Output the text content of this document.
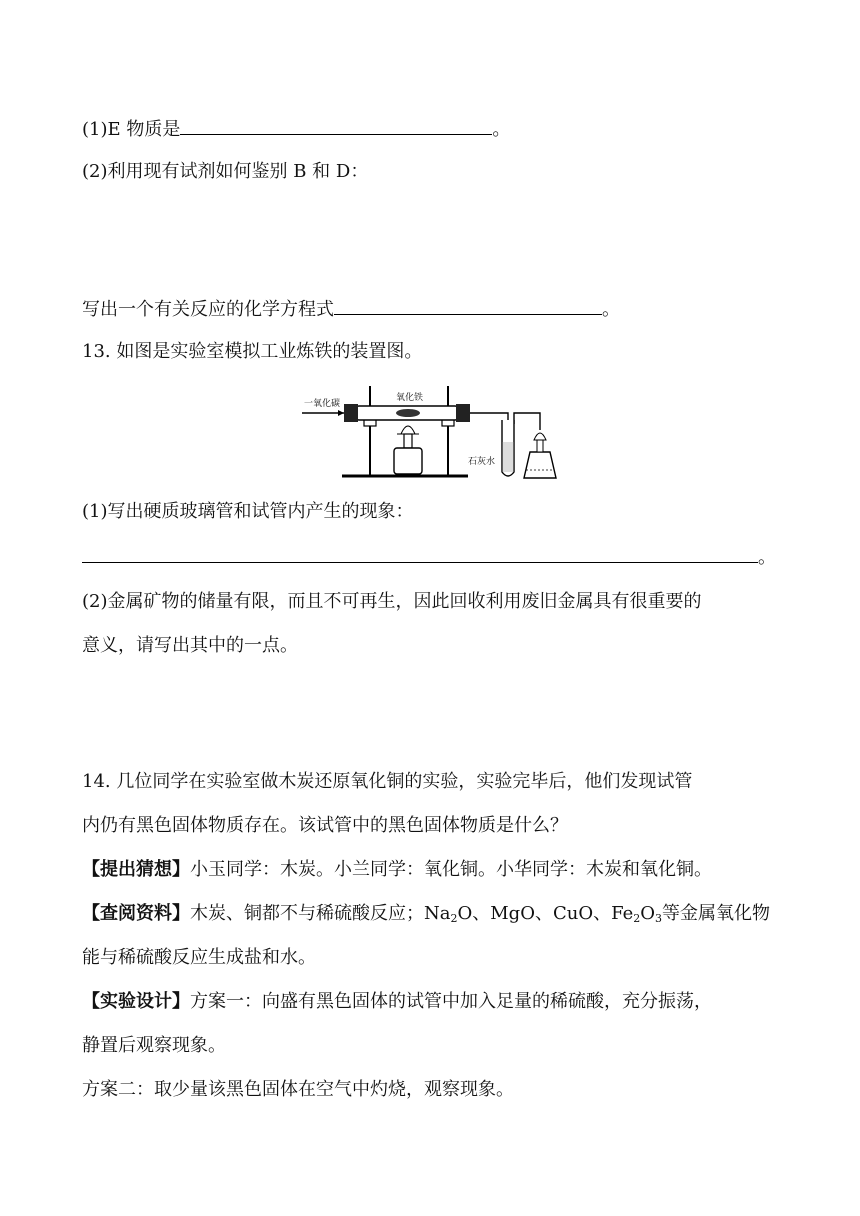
(1)E 物质是	。
(2)利用现有试剂如何鉴别 B 和 D：
写出一个有关反应的化学方程式	。
13. 如图是实验室模拟工业炼铁的装置图。
一氧化碳
氧化铁
石灰水
(1)写出硬质玻璃管和试管内产生的现象：
。
(2)金属矿物的储量有限，而且不可再生，因此回收利用废旧金属具有很重要的
意义，请写出其中的一点。
14. 几位同学在实验室做木炭还原氧化铜的实验，实验完毕后，他们发现试管
内仍有黑色固体物质存在。该试管中的黑色固体物质是什么？
【提出猜想】小玉同学：木炭。小兰同学：氧化铜。小华同学：木炭和氧化铜。
【查阅资料】木炭、铜都不与稀硫酸反应；$Na_2O$、MgO、CuO、$Fe_2O_3$等金属氧化物
能与稀硫酸反应生成盐和水。
【实验设计】方案一：向盛有黑色固体的试管中加入足量的稀硫酸，充分振荡，
静置后观察现象。
方案二：取少量该黑色固体在空气中灼烧，观察现象。
